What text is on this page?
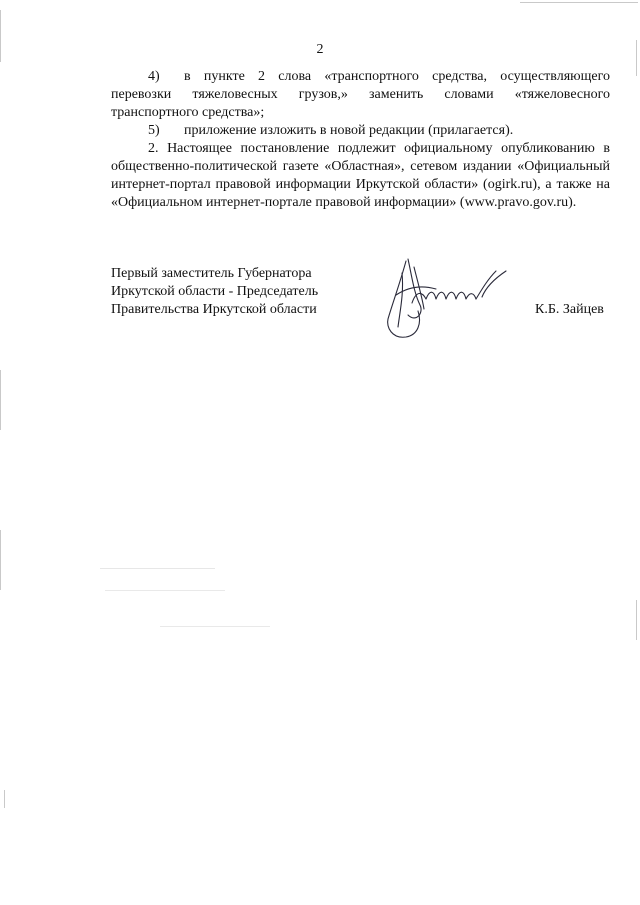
2

4) в пункте 2 слова «транспортного средства, осуществляющего перевозки тяжеловесных грузов,» заменить словами «тяжеловесного транспортного средства»;

5) приложение изложить в новой редакции (прилагается).

2. Настоящее постановление подлежит официальному опубликованию в общественно-политической газете «Областная», сетевом издании «Официальный интернет-портал правовой информации Иркутской области» (ogirk.ru), а также на «Официальном интернет-портале правовой информации» (www.pravo.gov.ru).

Первый заместитель Губернатора
Иркутской области - Председатель
Правительства Иркутской области	К.Б. Зайцев
